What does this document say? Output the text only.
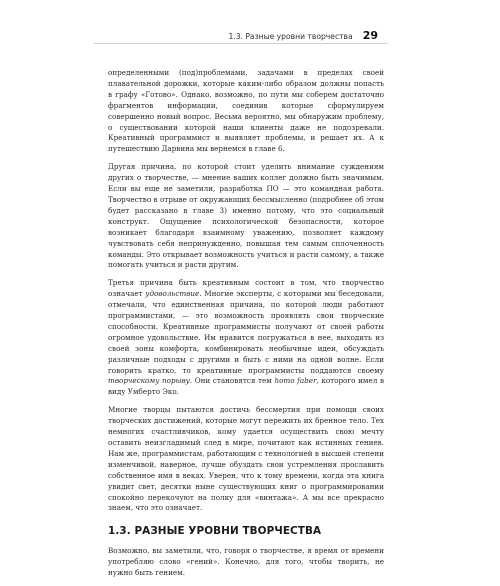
1.3. Разные уровни творчества 29

определенными (под)проблемами, задачами в пределах своей плавательной дорожки, которые каким-либо образом должны попасть в графу «Готово». Однако, возможно, по пути мы соберем достаточно фрагментов информации, соединив которые сформулируем совершенно новый вопрос. Весьма вероятно, мы обнаружим проблему, о существовании которой наши клиенты даже не подозревали. Креативный программист и выявляет проблемы, и решает их. А к путешествию Дарвина мы вернемся в главе 6.

Другая причина, по которой стоит уделить внимание суждениям других о творчестве, — мнение ваших коллег должно быть значимым. Если вы еще не заметили, разработка ПО — это командная работа. Творчество в отрыве от окружающих бессмысленно (подробнее об этом будет рассказано в главе 3) именно потому, что это социальный конструкт. Ощущение психологической безопасности, которое возникает благодаря взаимному уважению, позволяет каждому чувствовать себя непринужденно, повышая тем самым сплоченность команды. Это открывает возможность учиться и расти самому, а также помогать учиться и расти другим.

Третья причина быть креативным состоит в том, что творчество означает удовольствие. Многие эксперты, с которыми мы беседовали, отмечали, что единственная причина, по которой люди работают программистами, — это возможность проявлять свои творческие способности. Креативные программисты получают от своей работы огромное удовольствие. Им нравится погружаться в нее, выходить из своей зоны комфорта, комбинировать необычные идеи, обсуждать различные подходы с другими и быть с ними на одной волне. Если говорить кратко, то креативные программисты поддаются своему творческому порыву. Они становятся тем homo faber, которого имел в виду Умберто Эко.

Многие творцы пытаются достичь бессмертия при помощи своих творческих достижений, которые могут пережить их бренное тело. Тех немногих счастливчиков, кому удается осуществить свою мечту оставить неизгладимый след в мире, почитают как истинных гениев. Нам же, программистам, работающим с технологией в высшей степени изменчивой, наверное, лучше обуздать свои устремления прославить собственное имя в веках. Уверен, что к тому времени, когда эта книга увидит свет, десятки ныне существующих книг о программировании спокойно перекочуют на полку для «винтажа». А мы все прекрасно знаем, что это означает.

1.3. РАЗНЫЕ УРОВНИ ТВОРЧЕСТВА

Возможно, вы заметили, что, говоря о творчестве, я время от времени употребляю слово «гений». Конечно, для того, чтобы творить, не нужно быть гением.
